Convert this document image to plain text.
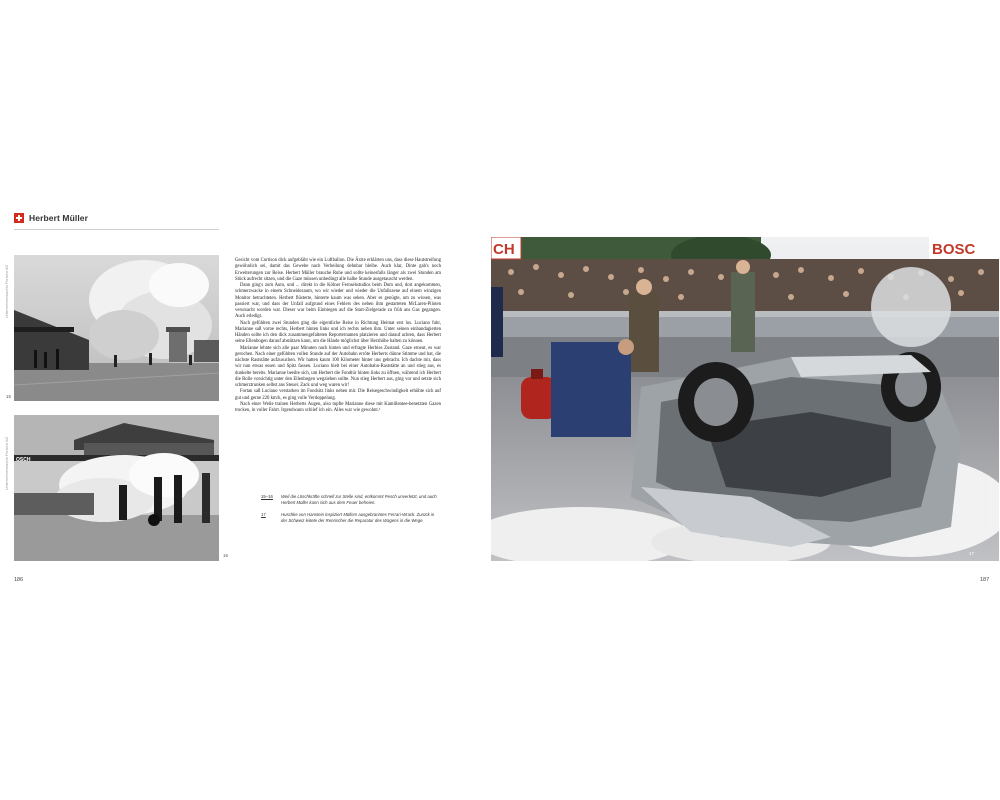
Herbert Müller
15
Unternehmensarchiv Porsche AG
OSCH
16
Unternehmensarchiv Porsche AG

Gesicht vom Cortison dick aufgebläht wie ein Luftballon. Die Ärzte erklärten uns, dass diese Hautstreifung gewöhnlich sei, damit das Gewebe nach Verheilung dehnbar bleibe. Auch klar, Dinte gab's noch Erweiterungen zur Reise. Herbert Müller brauche Ruhe und sollte keinesfalls länger als zwei Stunden am Stück aufrecht sitzen, und die Gaze müssen unbedingt alle halbe Stunde ausgetauscht werden.

Dann ging's zum Auto, und ... direkt in die Kölner Fernsehstudios beim Dom und, dort angekommen, schmerzwacke in einem Schneidezaum, wo wir wieder und wieder die Unfallszene auf einem winzigen Monitor betrachteten. Herbert flüsterte, hinterte kaum was sehen. Aber es genügte, um zu wissen, was passiert war, und dass der Unfall aufgrund eines Fehlers des neben ihm gestarteten McLaren-Piloten verursacht worden war. Dieser war beim Einbiegen auf die Start-Zielgerade zu früh ans Gas gegangen. Auch erledigt.

Nach gefühlten zwei Stunden ging die eigentliche Reise in Richtung Heimat erst los. Luciano fuhr, Marianne saß vorne rechts, Herbert hinten links und ich rechts neben ihm. Unter seinen einbandagierten Händen sollte ich den dick zusammengefalteten Reporternamen platzieren und darauf achten, dass Herbert seine Ellenbogen darauf abstützen kann, um die Hände möglichst über Herzhöhe halten zu können.

Marianne lehnte sich alle paar Minuten nach hinten und erfragte Herbies Zustand. Gaze erneut, es war gerochen. Nach einer gefühlten vollen Stunde auf der Autobahn erröte Herberts dünne Stimme und bat, die nächste Raststätte aufzusuchen. Wir hatten kaum 100 Kilometer hinter uns gebracht. Ich dachte mir, dass wir nun etwas essen und Spitz fassen. Luciano hielt bei einer Autobahn-Raststätte an und stieg aus, es dunkelte bereits. Marianne beeilte sich, um Herbert die Fondtür hinten links zu öffnen, während ich Herbert die Rolle vorsichtig unter den Ellenbogen wegziehen sollte. Nun stieg Herbert aus, ging vor und setzte sich schmerztrunken selbst ans Steuer. Zack und weg waren wir!

Fortan saß Luciano verstarken im Fondsitz links neben mir. Die Reisegeschwindigkeit erhöhte sich auf gut und gerne 220 km/h, es ging volle Verdoppelung.

Nach einer Weile trainen Herberts Augen, also tupfte Marianne diese mit Kamillentee-benetzten Gazen trocken, in voller Fahrt. Irgendwann schlief ich ein. Alles war wie gewohnt.¹

15–16	Weil die Löschkräfte schnell zur Stelle sind, entkommt Pesch unverletzt, und auch Herbert Müller kann sich aus dem Feuer befreien.
17	Huschke von Hanstein inspiziert Müllers ausgebranntes Ferrari-Wrack. Zurück in der Schweiz leitete der Rennscher die Reparatur des Wagens in die Wege.
CH	BOSC
17
Unternehmensarchiv Porsche AG
186	187
